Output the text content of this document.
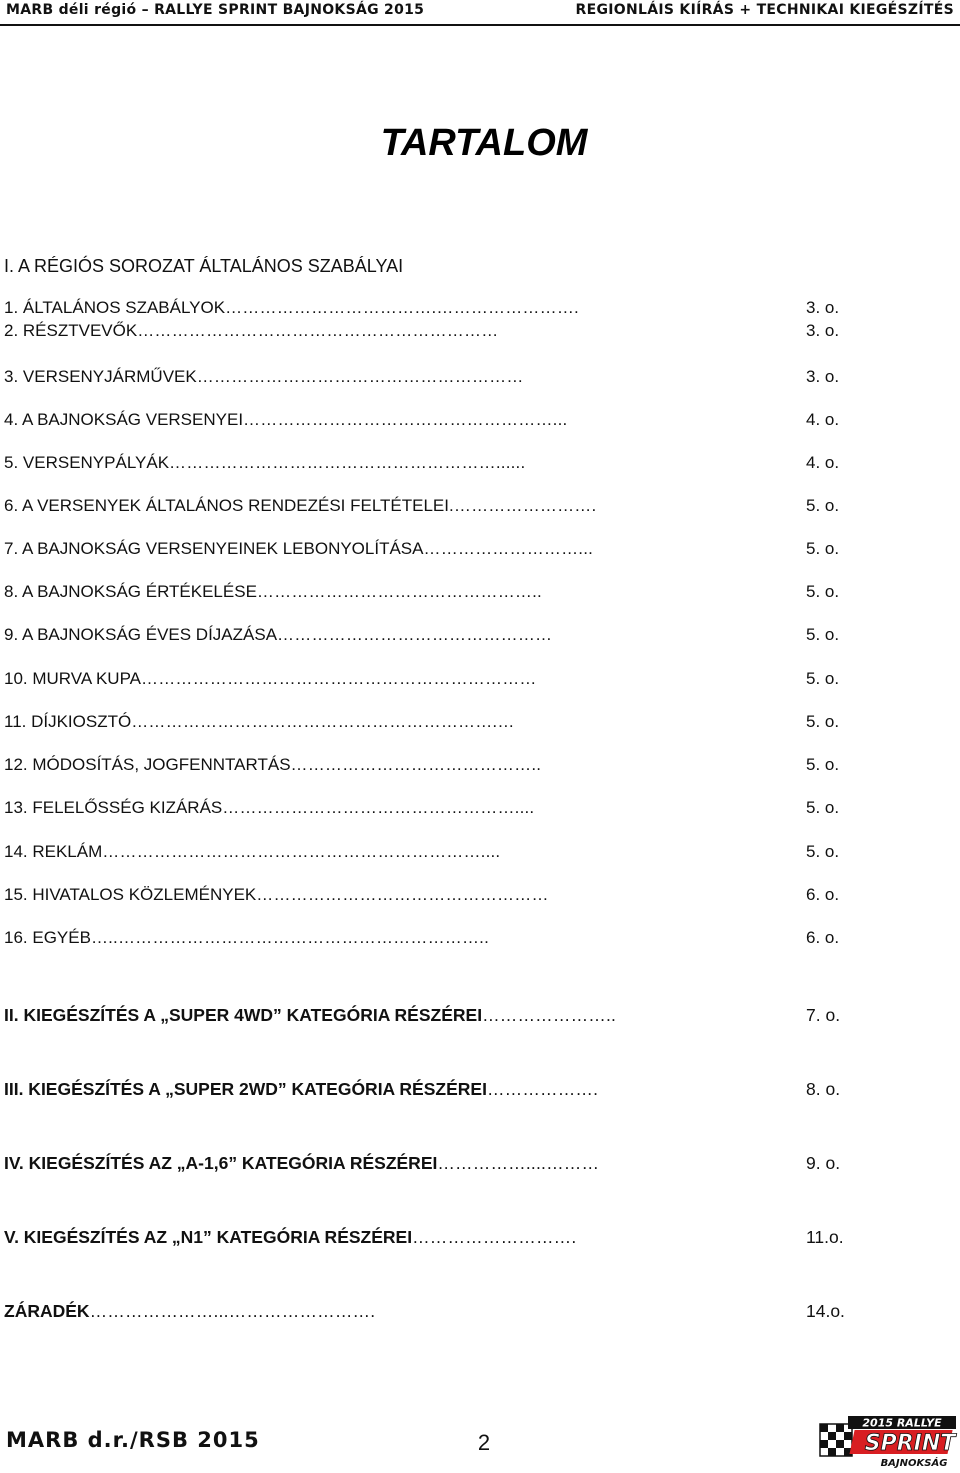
MARB déli régió – RALLYE SPRINT BAJNOKSÁG 2015	REGIONLÁIS KIÍRÁS + TECHNIKAI KIEGÉSZÍTÉS
TARTALOM
I. A RÉGIÓS SOROZAT ÁLTALÁNOS SZABÁLYAI
1. ÁLTALÁNOS SZABÁLYOK……………………………….…………………….	3. o.
2. RÉSZTVEVŐK………………………………………………………	3. o.
3. VERSENYJÁRMŰVEK…………………………………………………	3. o.
4. A BAJNOKSÁG VERSENYEI………………………………………………...	4. o.
5. VERSENYPÁLYÁK…………………………………………………......	4. o.
6. A VERSENYEK ÁLTALÁNOS RENDEZÉSI FELTÉTELEI.…………………….	5. o.
7. A BAJNOKSÁG VERSENYEINEK LEBONYOLÍTÁSA………………………...	5. o.
8. A BAJNOKSÁG ÉRTÉKELÉSE…………………………………………..	5. o.
9. A BAJNOKSÁG ÉVES DÍJAZÁSA…………………………………………	5. o.
10. MURVA KUPA……………………………………………………………	5. o.
11. DÍJKIOSZTÓ……………………………………………………….…	5. o.
12. MÓDOSÍTÁS, JOGFENNTARTÁS……………………………………..	5. o.
13. FELELŐSSÉG KIZÁRÁS……………………………………………....	5. o.
14. REKLÁM…………………………………………………………....	5. o.
15. HIVATALOS KÖZLEMÉNYEK……………………………………………	6. o.
16. EGYÉB…..………………………………………………………..	6. o.
II. KIEGÉSZÍTÉS A „SUPER 4WD” KATEGÓRIA RÉSZÉREI…………………..	7. o.
III. KIEGÉSZÍTÉS A „SUPER 2WD” KATEGÓRIA RÉSZÉREI……………….	8. o.
IV. KIEGÉSZÍTÉS AZ „A-1,6” KATEGÓRIA RÉSZÉREI……………....………	9. o.
V. KIEGÉSZÍTÉS AZ „N1” KATEGÓRIA RÉSZÉREI……………………….	11.o.
ZÁRADÉK…………………...…………………….	14.o.
MARB d.r./RSB 2015	2
2015 RALLYE
SPRINT
BAJNOKSÁG
